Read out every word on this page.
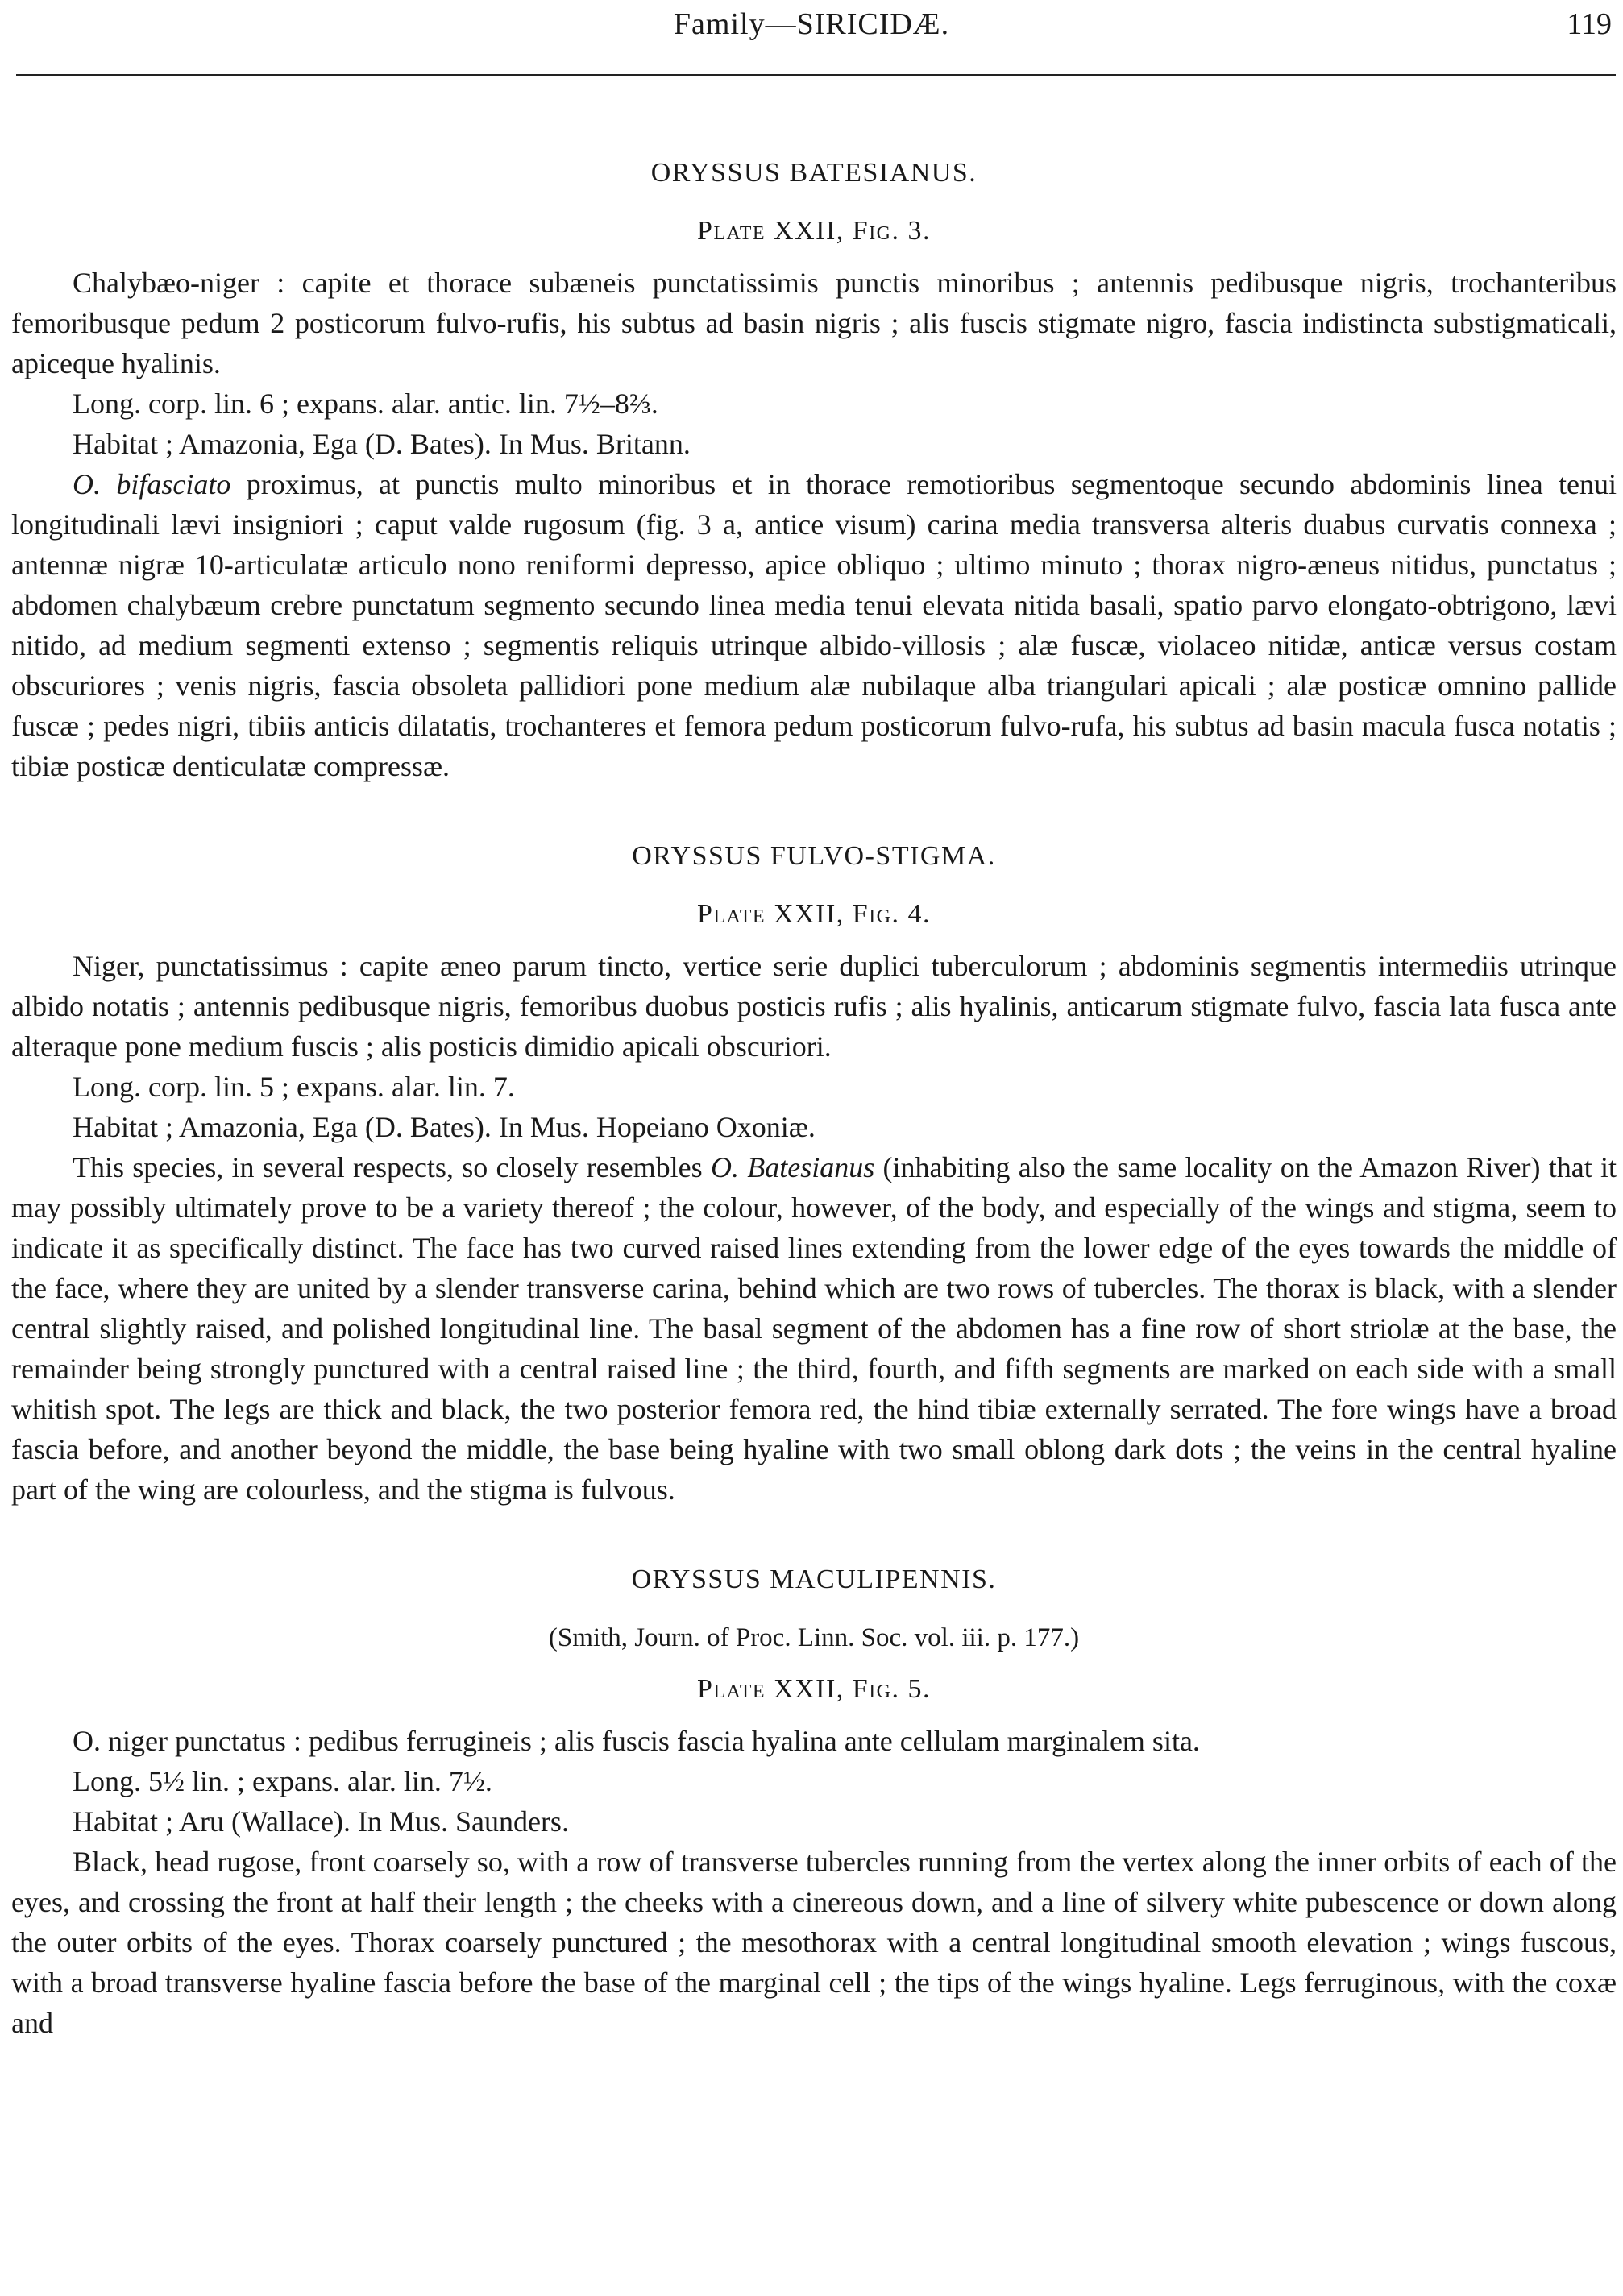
Family—SIRICIDÆ.	119
ORYSSUS BATESIANUS.
Plate XXII, Fig. 3.

Chalybæo-niger : capite et thorace subæneis punctatissimis punctis minoribus ; antennis pedibusque nigris, trochanteribus femoribusque pedum 2 posticorum fulvo-rufis, his subtus ad basin nigris ; alis fuscis stigmate nigro, fascia indistincta substigmaticali, apiceque hyalinis.

Long. corp. lin. 6 ; expans. alar. antic. lin. 7½–8⅔.

Habitat ; Amazonia, Ega (D. Bates). In Mus. Britann.

O. bifasciato proximus, at punctis multo minoribus et in thorace remotioribus segmentoque secundo abdominis linea tenui longitudinali lævi insigniori ; caput valde rugosum (fig. 3 a, antice visum) carina media transversa alteris duabus curvatis connexa ; antennæ nigræ 10-articulatæ articulo nono reniformi depresso, apice obliquo ; ultimo minuto ; thorax nigro-æneus nitidus, punctatus ; abdomen chalybæum crebre punctatum segmento secundo linea media tenui elevata nitida basali, spatio parvo elongato-obtrigono, lævi nitido, ad medium segmenti extenso ; segmentis reliquis utrinque albido-villosis ; alæ fuscæ, violaceo nitidæ, anticæ versus costam obscuriores ; venis nigris, fascia obsoleta pallidiori pone medium alæ nubilaque alba triangulari apicali ; alæ posticæ omnino pallide fuscæ ; pedes nigri, tibiis anticis dilatatis, trochanteres et femora pedum posticorum fulvo-rufa, his subtus ad basin macula fusca notatis ; tibiæ posticæ denticulatæ compressæ.

ORYSSUS FULVO-STIGMA.
Plate XXII, Fig. 4.

Niger, punctatissimus : capite æneo parum tincto, vertice serie duplici tuberculorum ; abdominis segmentis intermediis utrinque albido notatis ; antennis pedibusque nigris, femoribus duobus posticis rufis ; alis hyalinis, anticarum stigmate fulvo, fascia lata fusca ante alteraque pone medium fuscis ; alis posticis dimidio apicali obscuriori.

Long. corp. lin. 5 ; expans. alar. lin. 7.

Habitat ; Amazonia, Ega (D. Bates). In Mus. Hopeiano Oxoniæ.

This species, in several respects, so closely resembles O. Batesianus (inhabiting also the same locality on the Amazon River) that it may possibly ultimately prove to be a variety thereof ; the colour, however, of the body, and especially of the wings and stigma, seem to indicate it as specifically distinct. The face has two curved raised lines extending from the lower edge of the eyes towards the middle of the face, where they are united by a slender transverse carina, behind which are two rows of tubercles. The thorax is black, with a slender central slightly raised, and polished longitudinal line. The basal segment of the abdomen has a fine row of short striolæ at the base, the remainder being strongly punctured with a central raised line ; the third, fourth, and fifth segments are marked on each side with a small whitish spot. The legs are thick and black, the two posterior femora red, the hind tibiæ externally serrated. The fore wings have a broad fascia before, and another beyond the middle, the base being hyaline with two small oblong dark dots ; the veins in the central hyaline part of the wing are colourless, and the stigma is fulvous.

ORYSSUS MACULIPENNIS.
(Smith, Journ. of Proc. Linn. Soc. vol. iii. p. 177.)
Plate XXII, Fig. 5.

O. niger punctatus : pedibus ferrugineis ; alis fuscis fascia hyalina ante cellulam marginalem sita.

Long. 5½ lin. ; expans. alar. lin. 7½.

Habitat ; Aru (Wallace). In Mus. Saunders.

Black, head rugose, front coarsely so, with a row of transverse tubercles running from the vertex along the inner orbits of each of the eyes, and crossing the front at half their length ; the cheeks with a cinereous down, and a line of silvery white pubescence or down along the outer orbits of the eyes. Thorax coarsely punctured ; the mesothorax with a central longitudinal smooth elevation ; wings fuscous, with a broad transverse hyaline fascia before the base of the marginal cell ; the tips of the wings hyaline. Legs ferruginous, with the coxæ and
